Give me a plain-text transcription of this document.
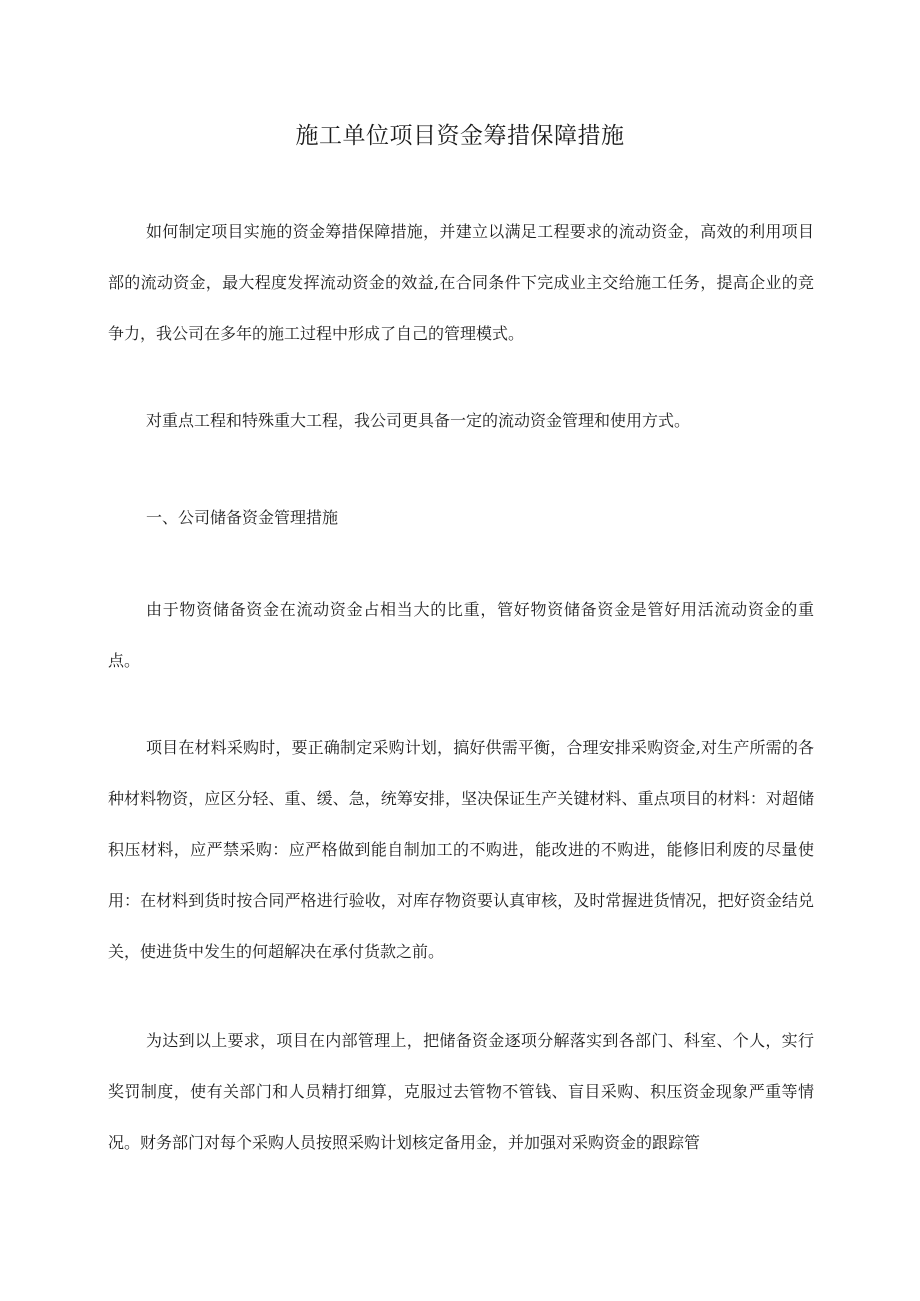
施工单位项目资金筹措保障措施

如何制定项目实施的资金筹措保障措施，并建立以满足工程要求的流动资金，高效的利用项目部的流动资金，最大程度发挥流动资金的效益,在合同条件下完成业主交给施工任务，提高企业的竞争力，我公司在多年的施工过程中形成了自己的管理模式。

对重点工程和特殊重大工程，我公司更具备一定的流动资金管理和使用方式。

一、公司储备资金管理措施

由于物资储备资金在流动资金占相当大的比重，管好物资储备资金是管好用活流动资金的重点。

项目在材料采购时，要正确制定采购计划，搞好供需平衡，合理安排采购资金,对生产所需的各种材料物资，应区分轻、重、缓、急，统筹安排，坚决保证生产关键材料、重点项目的材料：对超储积压材料，应严禁采购：应严格做到能自制加工的不购进，能改进的不购进，能修旧利废的尽量使用：在材料到货时按合同严格进行验收，对库存物资要认真审核，及时常握进货情况，把好资金结兑关，使进货中发生的何超解决在承付货款之前。

为达到以上要求，项目在内部管理上，把储备资金逐项分解落实到各部门、科室、个人，实行奖罚制度，使有关部门和人员精打细算，克服过去管物不管钱、盲目采购、积压资金现象严重等情况。财务部门对每个采购人员按照采购计划核定备用金，并加强对采购资金的跟踪管
